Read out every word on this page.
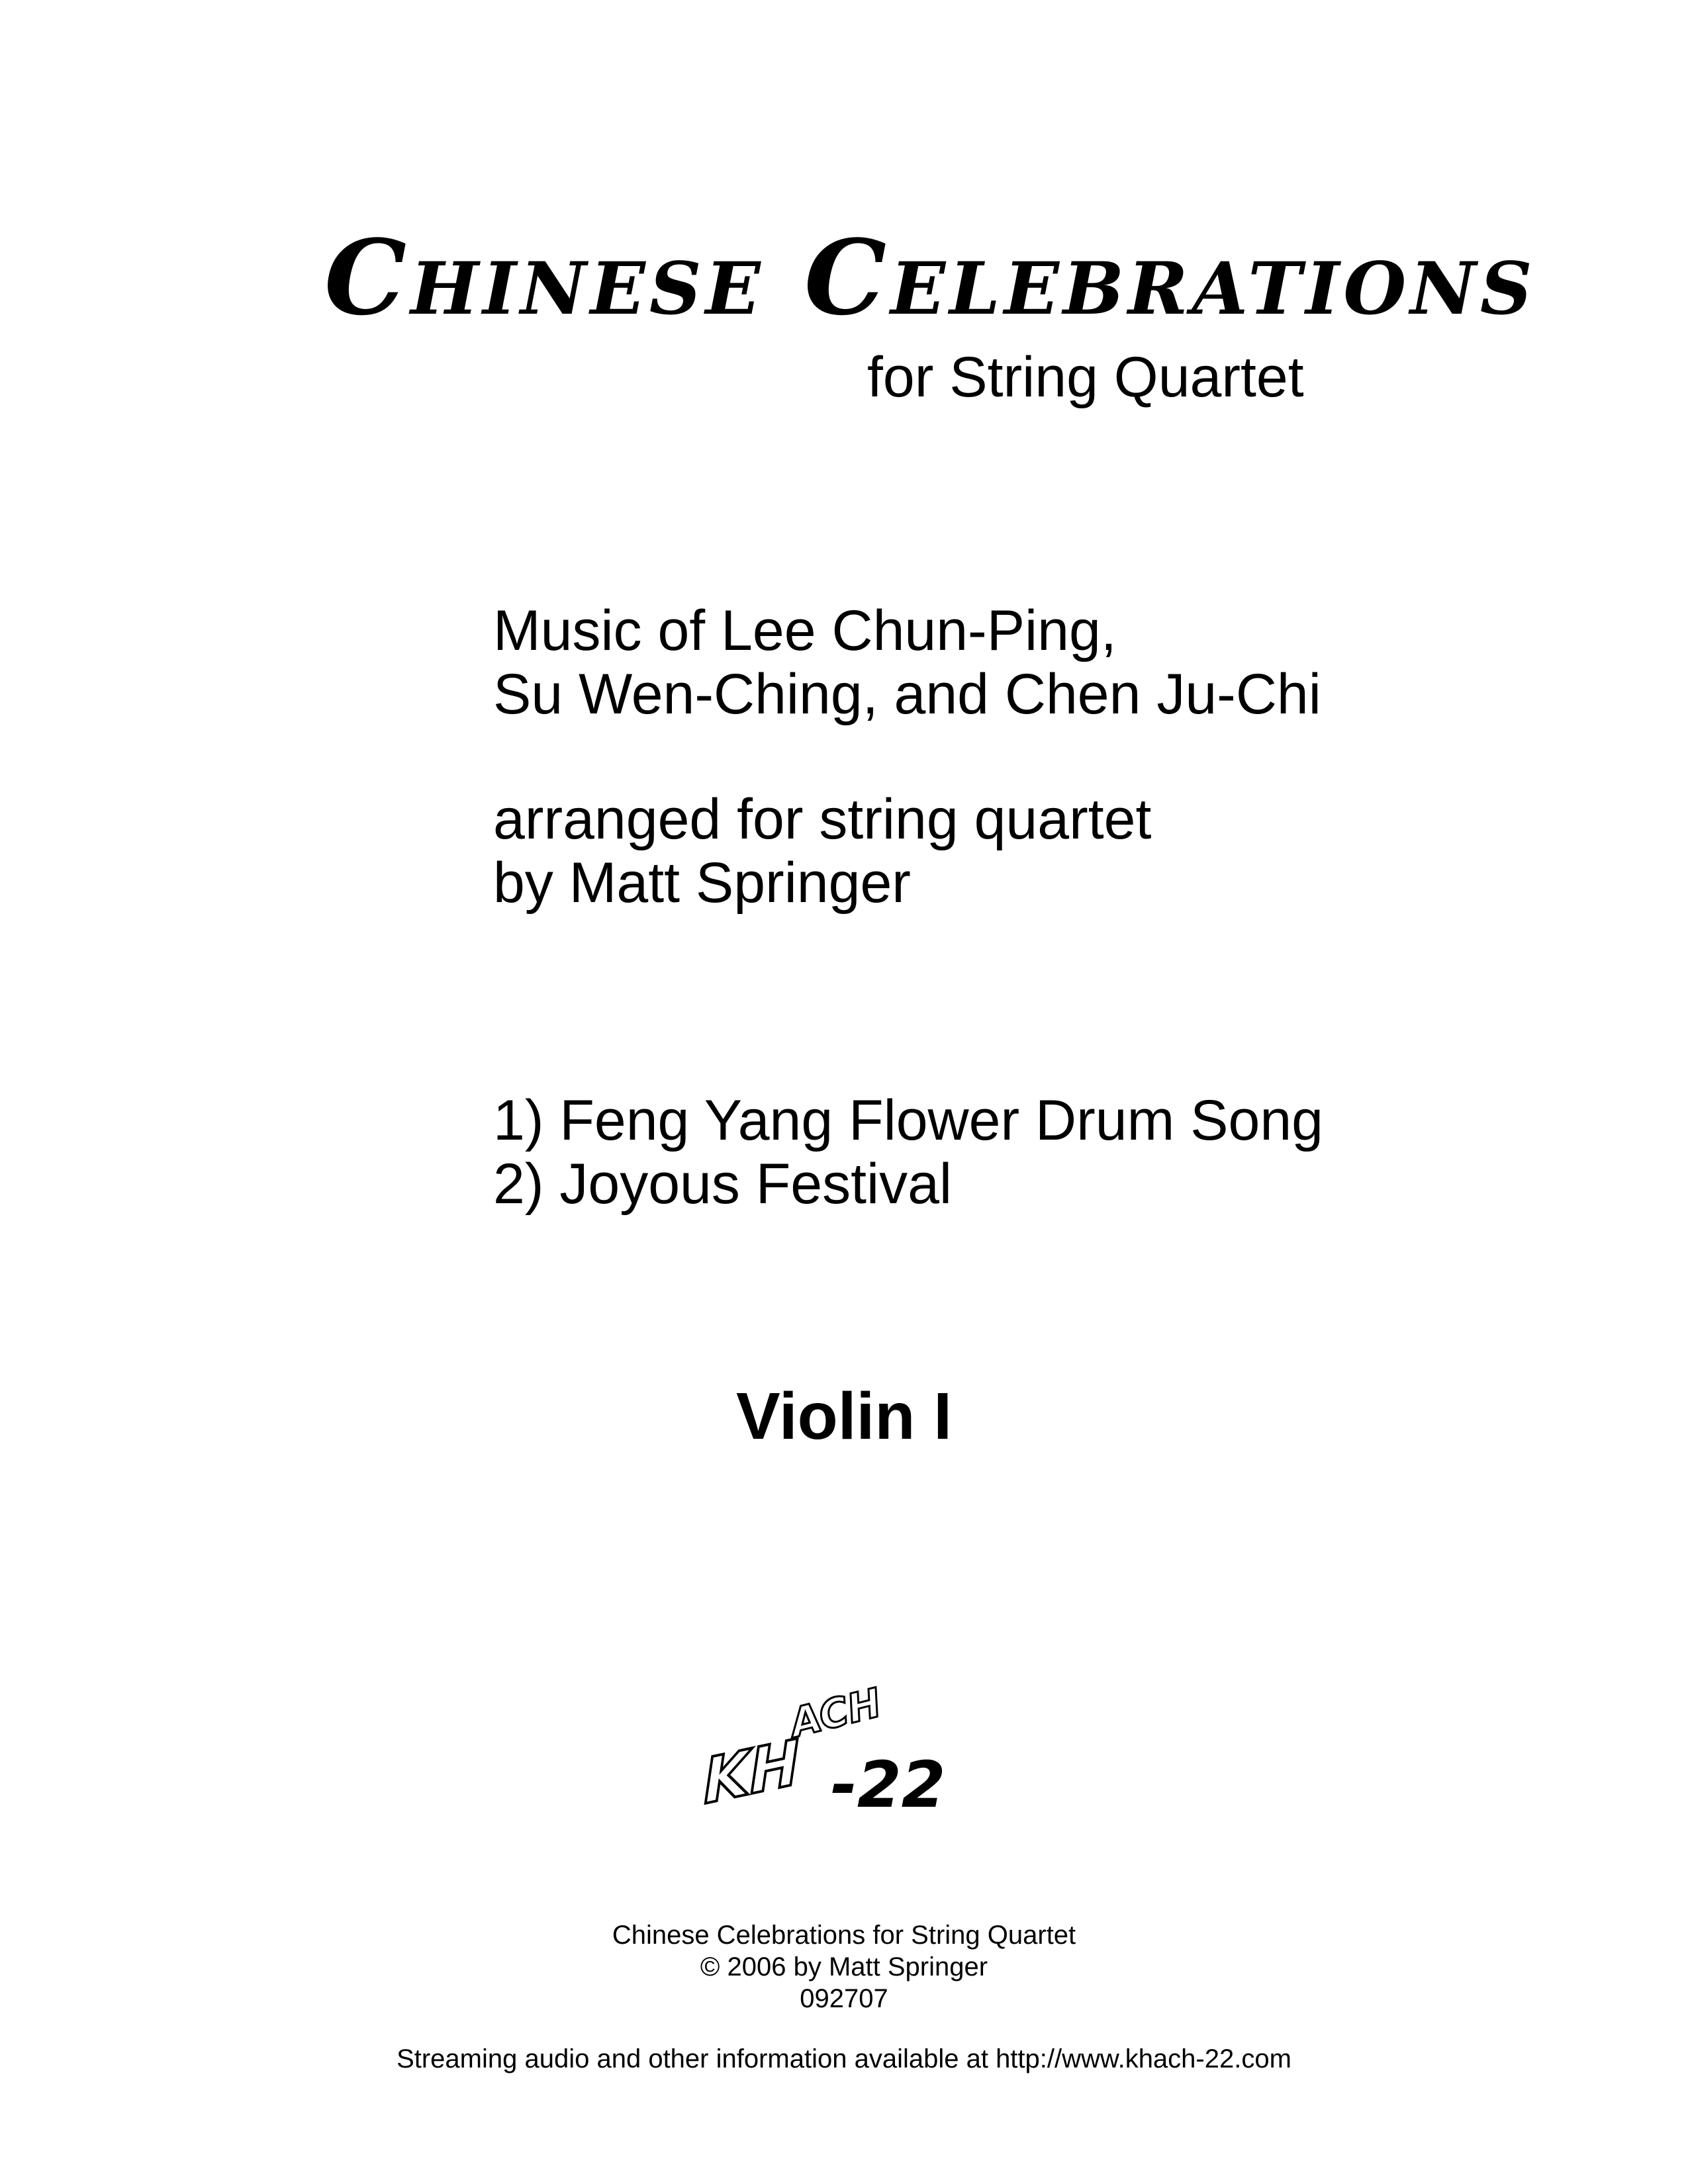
Chinese Celebrations

for String Quartet

Music of Lee Chun-Ping,
Su Wen-Ching, and Chen Ju-Chi

arranged for string quartet
by Matt Springer

1) Feng Yang Flower Drum Song
2) Joyous Festival

Violin I

ACH
KH -22
Chinese Celebrations for String Quartet
© 2006 by Matt Springer
092707
Streaming audio and other information available at http://www.khach-22.com
